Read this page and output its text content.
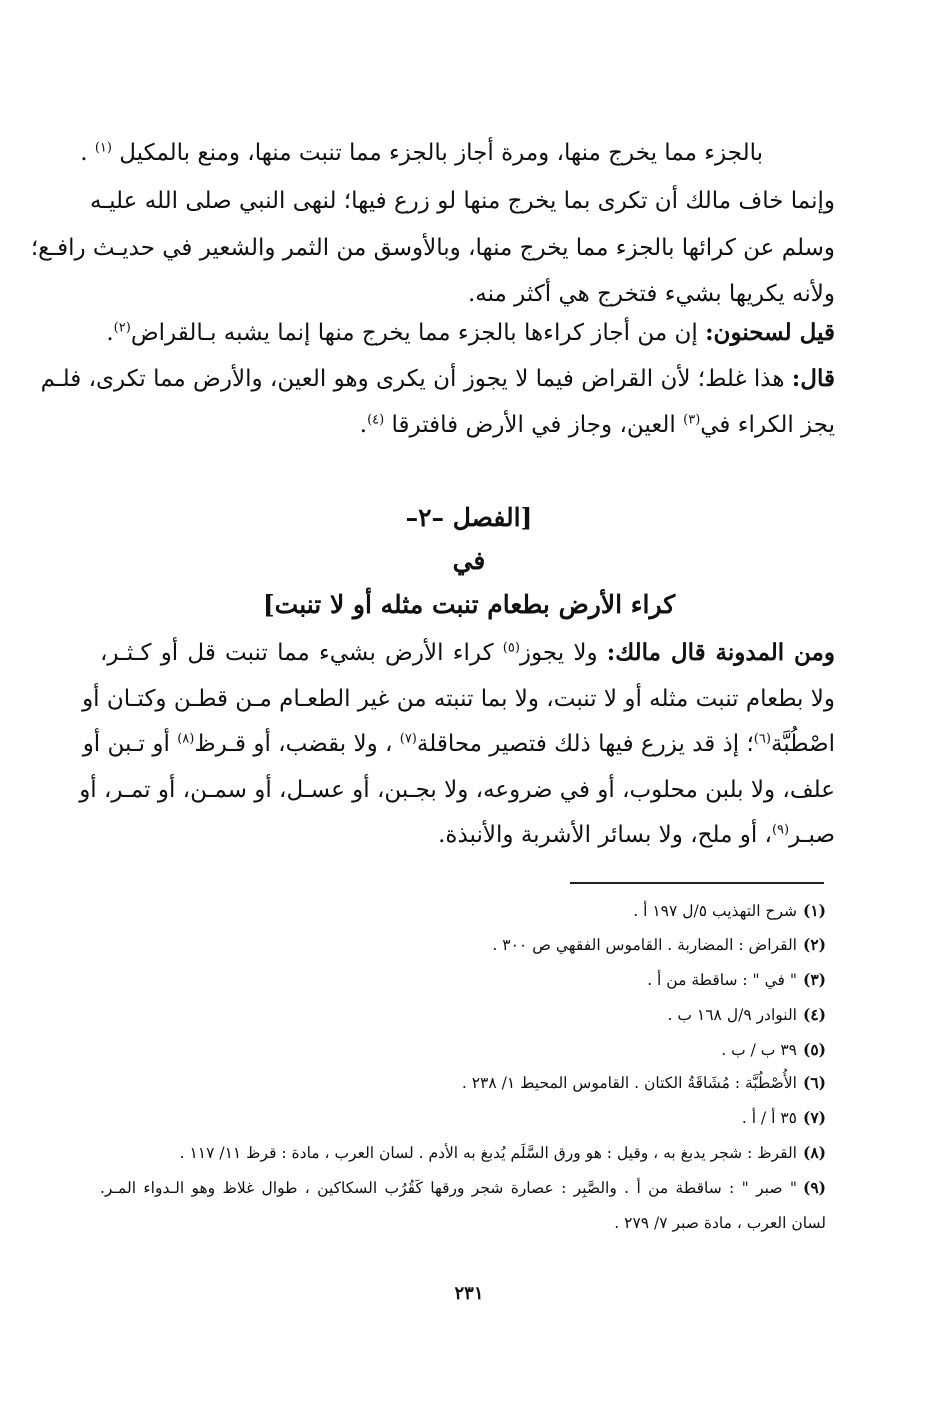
بالجزء مما يخرج منها، ومرة أجاز بالجزء مما تنبت منها، ومنع بالمكيل $^{(١)}$ .
وإنما خاف مالك أن تكرى بما يخرج منها لو زرع فيها؛ لنهى النبي صلى الله عليـه
وسلم عن كرائها بالجزء مما يخرج منها، وبالأوسق من الثمر والشعير في حديـث رافـع؛
ولأنه يكريها بشيء فتخرج هي أكثر منه.
قيل لسحنون: إن من أجاز كراءها بالجزء مما يخرج منها إنما يشبه بـالقراض$^{(٢)}$.
قال: هذا غلط؛ لأن القراض فيما لا يجوز أن يكرى وهو العين، والأرض مما تكرى، فلـم
يجز الكراء في$^{(٣)}$ العين، وجاز في الأرض فافترقا $^{(٤)}$.
[الفصل –٢–
في
كراء الأرض بطعام تنبت مثله أو لا تنبت]
ومن المدونة قال مالك: ولا يجوز$^{(٥)}$ كراء الأرض بشيء مما تنبت قل أو كـثـر،
ولا بطعام تنبت مثله أو لا تنبت، ولا بما تنبته من غير الطعـام مـن قطـن وكتـان أو
اصْطُبَّة$^{(٦)}$؛ إذ قد يزرع فيها ذلك فتصير محاقلة$^{(٧)}$ ، ولا بقضب، أو قـرظ$^{(٨)}$ أو تـبن أو
علف، ولا بلبن محلوب، أو في ضروعه، ولا بجـبن، أو عسـل، أو سمـن، أو تمـر، أو
صبـر$^{(٩)}$، أو ملح، ولا بسائر الأشربة والأنبذة.
(١)شرح التهذيب ٥/ل ١٩٧ أ .
(٢)القراض : المضاربة . القاموس الفقهي ص ٣٠٠ .
(٣)" في " : ساقطة من أ .
(٤)النوادر ٩/ل ١٦٨ ب .
(٥)٣٩ ب / ب .
(٦)الأُصْطُبَّة : مُشَاقَةُ الكتان . القاموس المحيط ١/ ٢٣٨ .
(٧)٣٥ أ / أ .
(٨)القرظ : شجر يدبغ به ، وقيل : هو ورق السَّلَم يُدبغ به الأدم . لسان العرب ، مادة : قرظ ١١/ ١١٧ .
(٩)" صبر " : ساقطة من أ . والصَّبِر : عصارة شجر ورقها كَقُرُب السكاكين ، طوال غلاظ وهو الـدواء المـر.
لسان العرب ، مادة صبر ٧/ ٢٧٩ .
٢٣١
